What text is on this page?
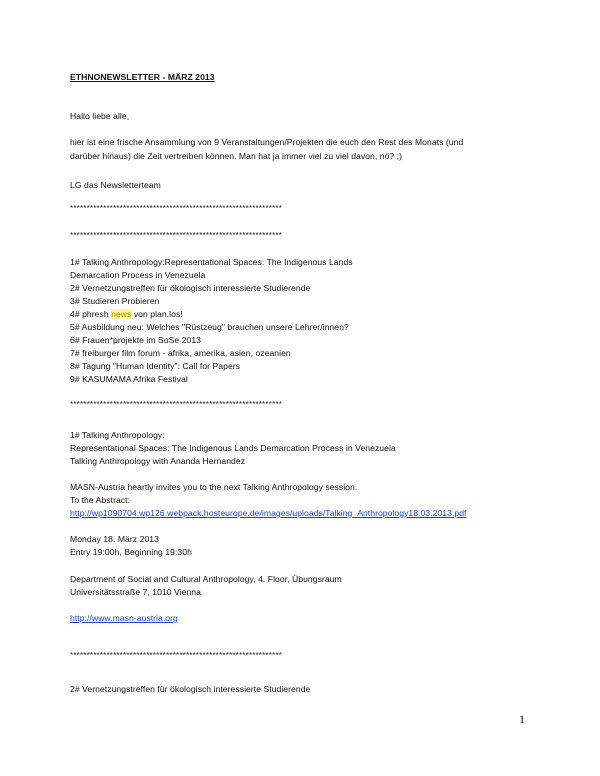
ETHNONEWSLETTER - MÄRZ 2013
Hallo liebe alle,
hier ist eine frische Ansammlung von 9 Veranstaltungen/Projekten die euch den Rest des Monats (und
darüber hinaus) die Zeit vertreiben können. Man hat ja immer viel zu viel davon, nö? ;)
LG das Newsletterteam
****************************************************************
****************************************************************
1# Talking Anthropology:Representational Spaces: The Indigenous Lands
Demarcation Process in Venezuela
2# Vernetzungstreffen für ökologisch interessierte Studierende
3# Studieren Probieren
4# phresh news von plan.los!
5# Ausbildung neu: Welches "Rüstzeug" brauchen unsere Lehrer/innen?
6# Frauen*projekte im SoSe 2013
7# freiburger film forum - afrika, amerika, asien, ozeanien
8# Tagung "Human Identity": Call for Papers
9# KASUMAMA Afrika Festival
****************************************************************
1# Talking Anthropology:
Representational Spaces: The Indigenous Lands Demarcation Process in Venezuela
Talking Anthropology with Ananda Hernandez
MASN-Austria heartly invites you to the next Talking Anthropology session.
To the Abstract:
http://wp1090704.wp126.webpack.hosteurope.de/images/uploads/Talking_Anthropology18.03.2013.pdf
Monday 18. März 2013
Entry 19:00h, Beginning 19:30h
Department of Social and Cultural Anthropology, 4. Floor, Übungsraum
Universitätsstraße 7, 1010 Vienna
http://www.masn-austria.org
****************************************************************
2# Vernetzungstreffen für ökologisch interessierte Studierende
1
